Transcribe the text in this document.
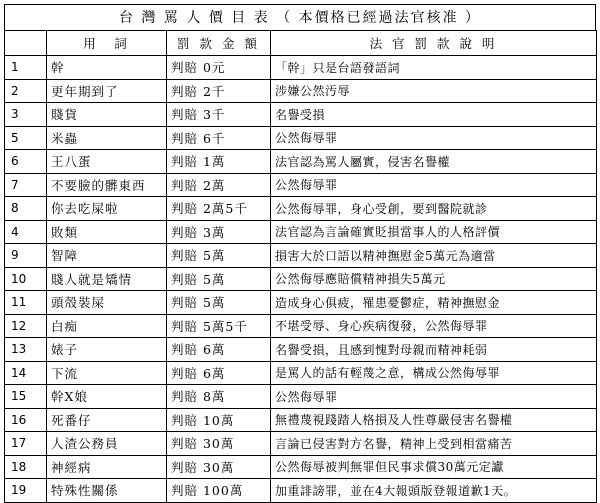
台 灣 罵 人 價 目 表 （ 本價格已經過法官核准 ）
	用　詞	罰 款 金 額	法 官 罰 款 說 明
1	幹	判賠 0元	「幹」只是台語發語詞
2	更年期到了	判賠 2千	涉嫌公然汚辱
3	賤貨	判賠 3千	名譽受損
5	米蟲	判賠 6千	公然侮辱罪
6	王八蛋	判賠 1萬	法官認為罵人屬實，侵害名譽權
7	不要臉的髒東西	判賠 2萬	公然侮辱罪
8	你去吃屎啦	判賠 2萬5千	公然侮辱罪，身心受創，要到醫院就診
4	敗類	判賠 3萬	法官認為言論確實貶損當事人的人格評價
9	智障	判賠 5萬	損害大於口語以精神撫慰金5萬元為適當
10	賤人就是矯情	判賠 5萬	公然侮辱應賠償精神損失5萬元
11	頭殼裝屎	判賠 5萬	造成身心俱疲，罹患憂鬱症，精神撫慰金
12	白痴	判賠 5萬5千	不堪受辱、身心疾病復發，公然侮辱罪
13	婊子	判賠 6萬	名譽受損，且感到愧對母親而精神耗弱
14	下流	判賠 6萬	是罵人的話有輕蔑之意，構成公然侮辱罪
15	幹X娘	判賠 8萬	公然侮辱罪
16	死番仔	判賠 10萬	無禮蔑視踐踏人格損及人性尊嚴侵害名譽權
17	人渣公務員	判賠 30萬	言論已侵害對方名譽，精神上受到相當痛苦
18	神經病	判賠 30萬	公然侮辱被判無罪但民事求償30萬元定讞
19	特殊性關係	判賠 100萬	加重誹謗罪，並在4大報頭版登報道歉1天。
